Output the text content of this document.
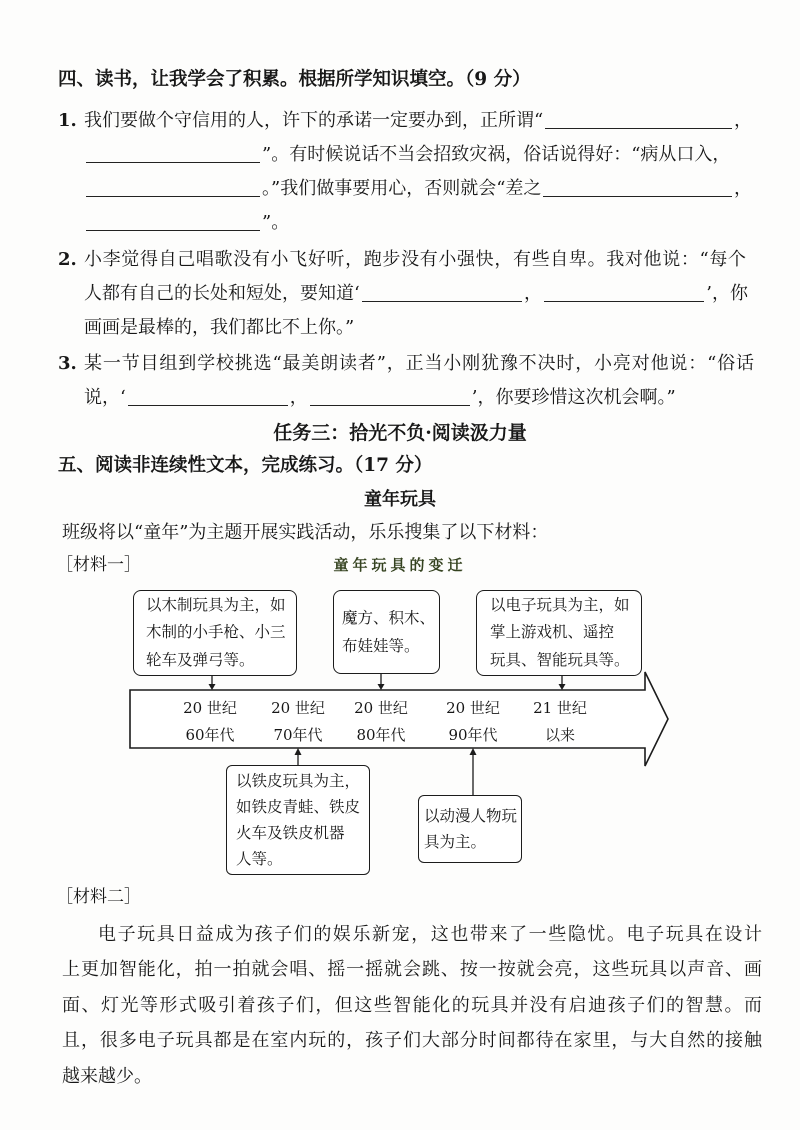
四、读书，让我学会了积累。根据所学知识填空。（9 分）
1. 我们要做个守信用的人，许下的承诺一定要办到，正所谓“	，
”。有时候说话不当会招致灾祸，俗话说得好：“病从口入，
。”我们做事要用心，否则就会“差之	，
”。
2. 小李觉得自己唱歌没有小飞好听，跑步没有小强快，有些自卑。我对他说：“每个
人都有自己的长处和短处，要知道‘	，	’，你
画画是最棒的，我们都比不上你。”
3. 某一节目组到学校挑选“最美朗读者”，正当小刚犹豫不决时，小亮对他说：“俗话
说，‘	，	’，你要珍惜这次机会啊。”
任务三：拾光不负·阅读汲力量
五、阅读非连续性文本，完成练习。（17 分）
童年玩具
班级将以“童年”为主题开展实践活动，乐乐搜集了以下材料：
［材料一］	童年玩具的变迁
20 世纪
60年代
20 世纪
70年代
20 世纪
80年代
20 世纪
90年代
21 世纪
以来
以木制玩具为主，如
木制的小手枪、小三
轮车及弹弓等。
魔方、积木、
布娃娃等。
以电子玩具为主，如
掌上游戏机、遥控
玩具、智能玩具等。
以铁皮玩具为主，
如铁皮青蛙、铁皮
火车及铁皮机器
人等。
以动漫人物玩
具为主。
［材料二］
电子玩具日益成为孩子们的娱乐新宠，这也带来了一些隐忧。电子玩具在设计
上更加智能化，拍一拍就会唱、摇一摇就会跳、按一按就会亮，这些玩具以声音、画
面、灯光等形式吸引着孩子们，但这些智能化的玩具并没有启迪孩子们的智慧。而
且，很多电子玩具都是在室内玩的，孩子们大部分时间都待在家里，与大自然的接触
越来越少。
